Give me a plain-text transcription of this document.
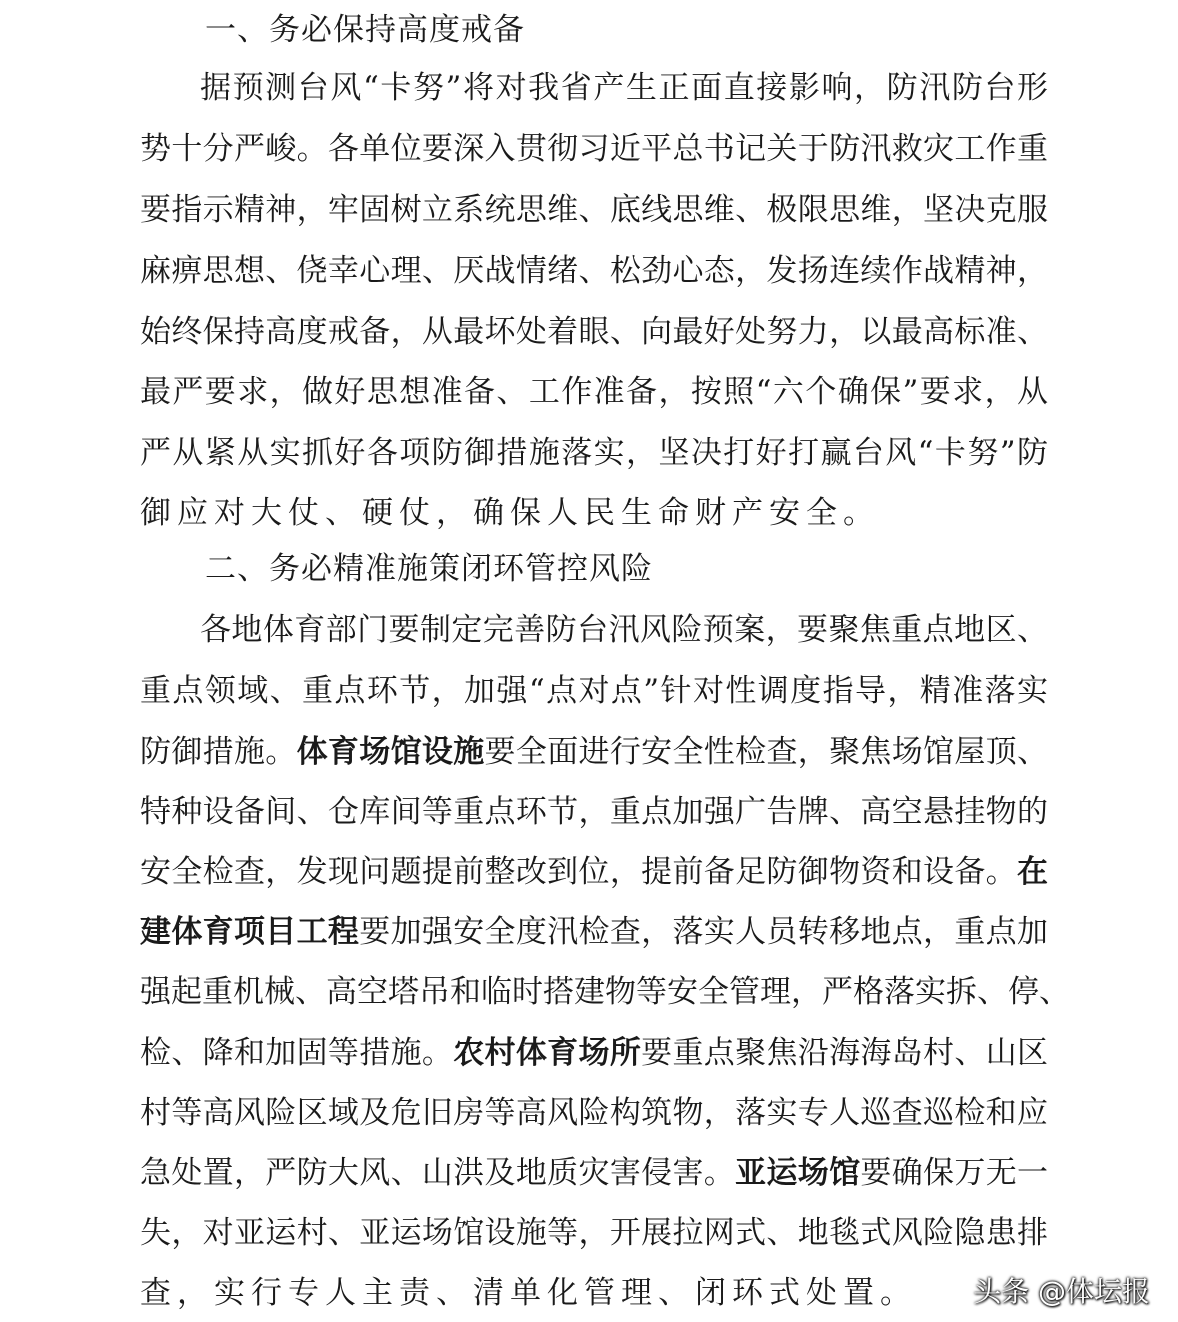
一、务必保持高度戒备
据预测台风“卡努”将对我省产生正面直接影响，防汛防台形
势十分严峻。各单位要深入贯彻习近平总书记关于防汛救灾工作重
要指示精神，牢固树立系统思维、底线思维、极限思维，坚决克服
麻痹思想、侥幸心理、厌战情绪、松劲心态，发扬连续作战精神，
始终保持高度戒备，从最坏处着眼、向最好处努力，以最高标准、
最严要求，做好思想准备、工作准备，按照“六个确保”要求，从
严从紧从实抓好各项防御措施落实，坚决打好打赢台风“卡努”防
御应对大仗、硬仗，确保人民生命财产安全。
二、务必精准施策闭环管控风险
各地体育部门要制定完善防台汛风险预案，要聚焦重点地区、
重点领域、重点环节，加强“点对点”针对性调度指导，精准落实
防御措施。体育场馆设施要全面进行安全性检查，聚焦场馆屋顶、
特种设备间、仓库间等重点环节，重点加强广告牌、高空悬挂物的
安全检查，发现问题提前整改到位，提前备足防御物资和设备。在
建体育项目工程要加强安全度汛检查，落实人员转移地点，重点加
强起重机械、高空塔吊和临时搭建物等安全管理，严格落实拆、停、
检、降和加固等措施。农村体育场所要重点聚焦沿海海岛村、山区
村等高风险区域及危旧房等高风险构筑物，落实专人巡查巡检和应
急处置，严防大风、山洪及地质灾害侵害。亚运场馆要确保万无一
失，对亚运村、亚运场馆设施等，开展拉网式、地毯式风险隐患排
查，实行专人主责、清单化管理、闭环式处置。 头条 @体坛报
